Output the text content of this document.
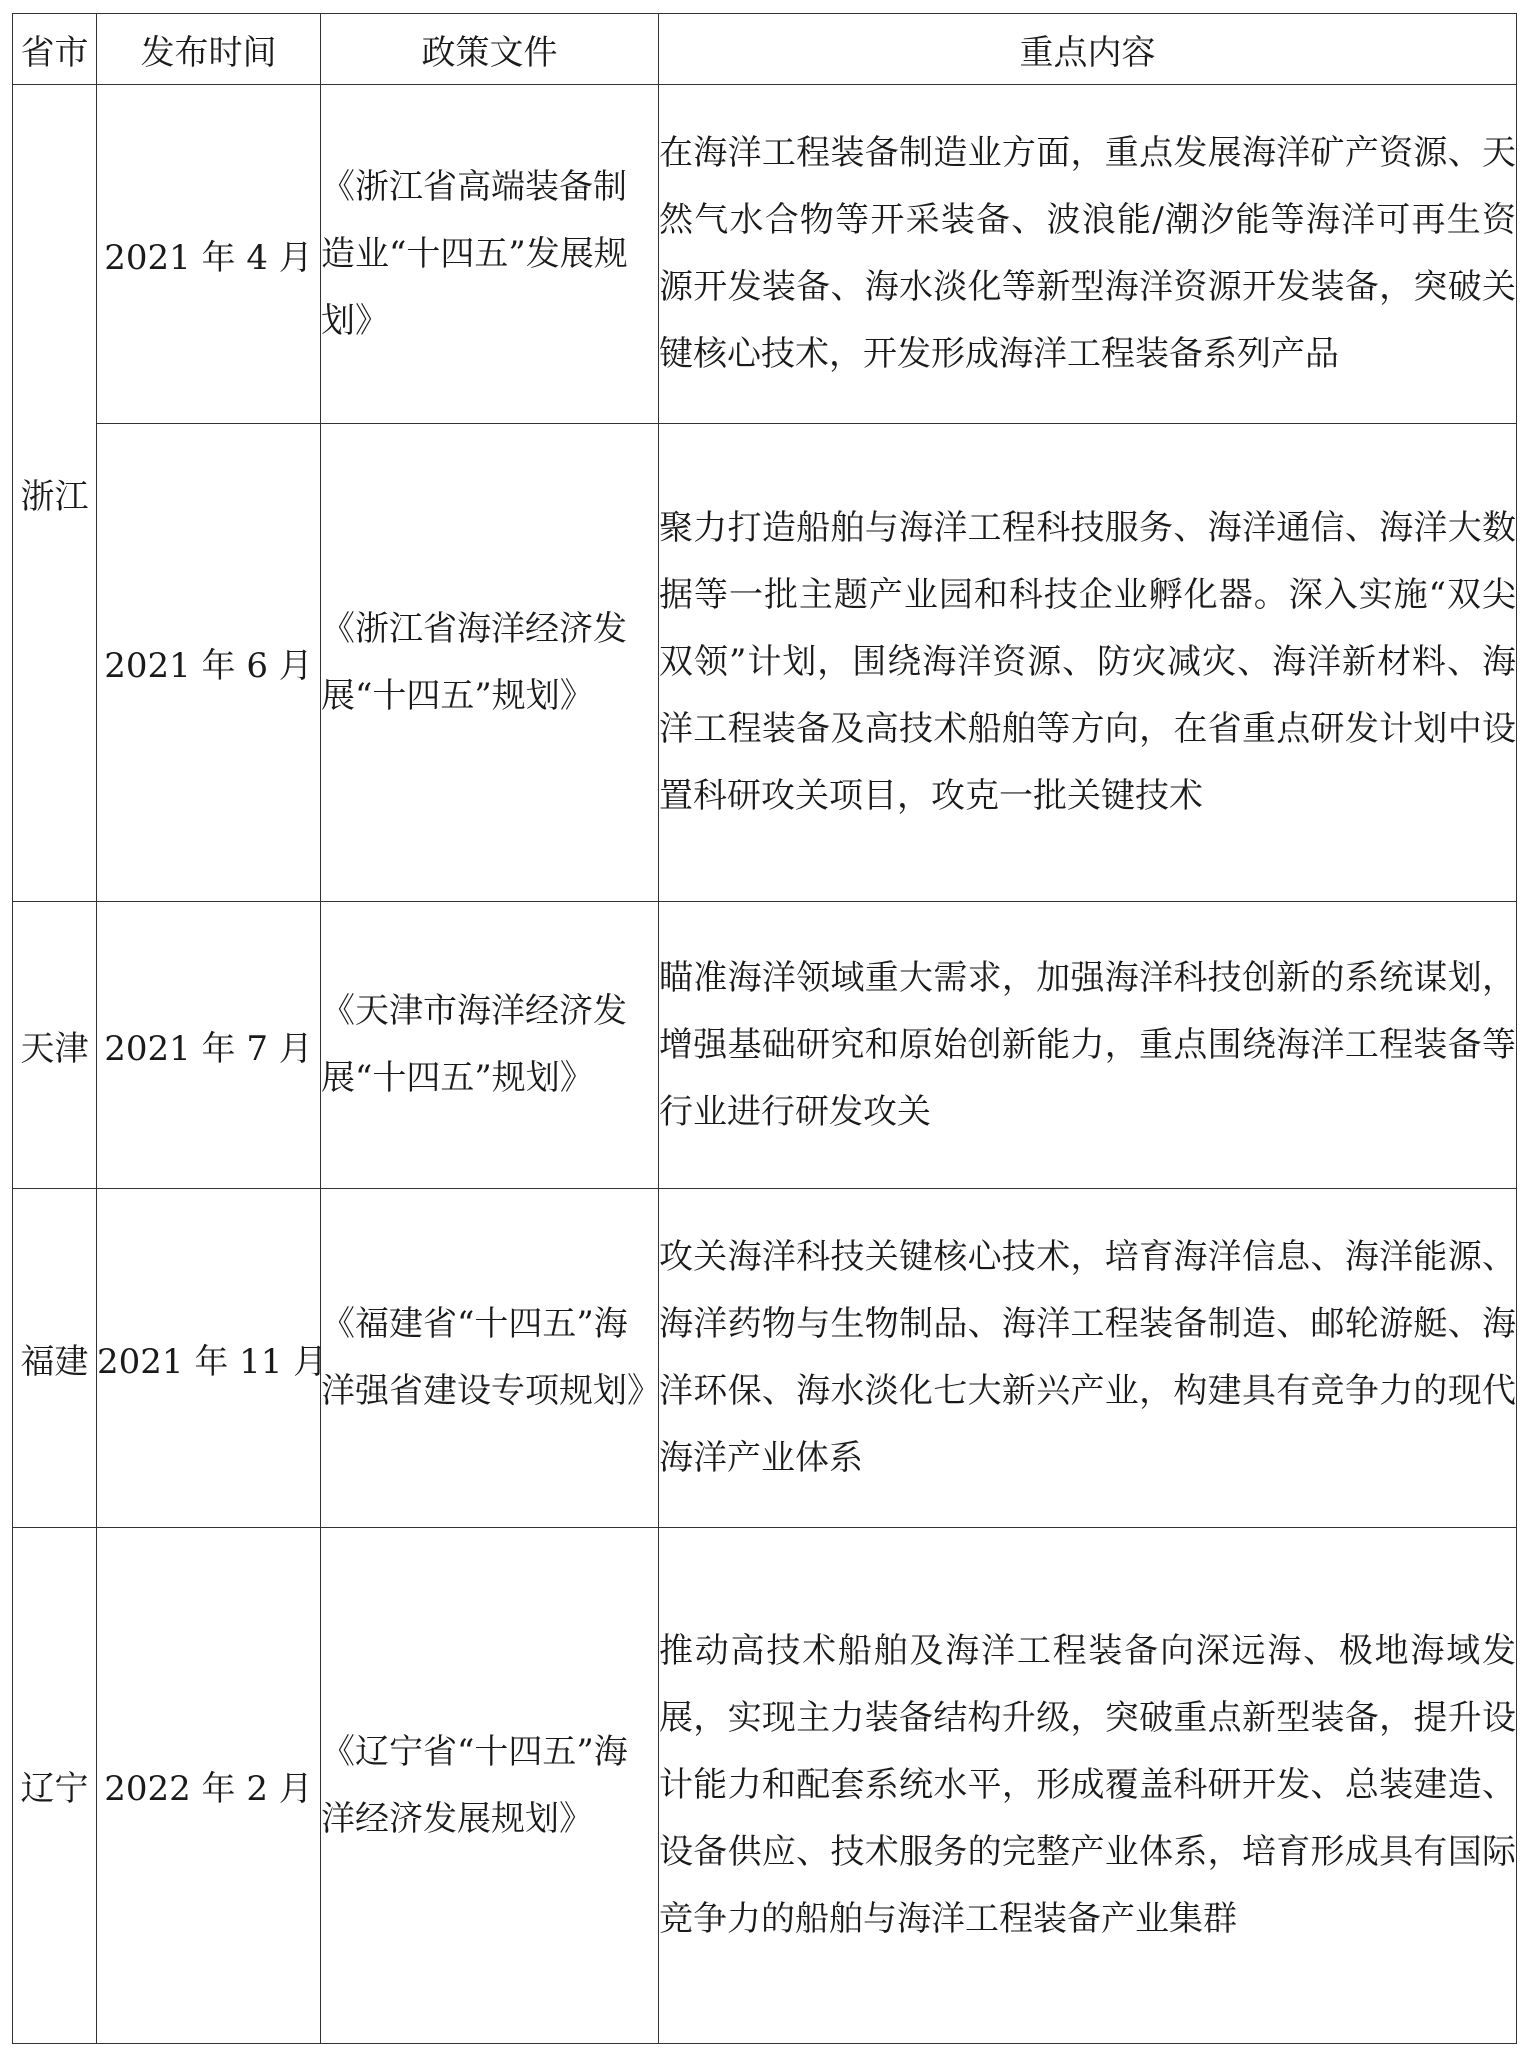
省市	发布时间	政策文件	重点内容
浙江	2021 年 4 月	《浙江省高端装备制造业“十四五”发展规划》	在海洋工程装备制造业方面，重点发展海洋矿产资源、天然气水合物等开采装备、波浪能/潮汐能等海洋可再生资源开发装备、海水淡化等新型海洋资源开发装备，突破关键核心技术，开发形成海洋工程装备系列产品
	2021 年 6 月	《浙江省海洋经济发展“十四五”规划》	聚力打造船舶与海洋工程科技服务、海洋通信、海洋大数据等一批主题产业园和科技企业孵化器。深入实施“双尖双领”计划，围绕海洋资源、防灾减灾、海洋新材料、海洋工程装备及高技术船舶等方向，在省重点研发计划中设置科研攻关项目，攻克一批关键技术
天津	2021 年 7 月	《天津市海洋经济发展“十四五”规划》	瞄准海洋领域重大需求，加强海洋科技创新的系统谋划，增强基础研究和原始创新能力，重点围绕海洋工程装备等行业进行研发攻关
福建	2021 年 11 月	《福建省“十四五”海洋强省建设专项规划》	攻关海洋科技关键核心技术，培育海洋信息、海洋能源、海洋药物与生物制品、海洋工程装备制造、邮轮游艇、海洋环保、海水淡化七大新兴产业，构建具有竞争力的现代海洋产业体系
辽宁	2022 年 2 月	《辽宁省“十四五”海洋经济发展规划》	推动高技术船舶及海洋工程装备向深远海、极地海域发展，实现主力装备结构升级，突破重点新型装备，提升设计能力和配套系统水平，形成覆盖科研开发、总装建造、设备供应、技术服务的完整产业体系，培育形成具有国际竞争力的船舶与海洋工程装备产业集群
